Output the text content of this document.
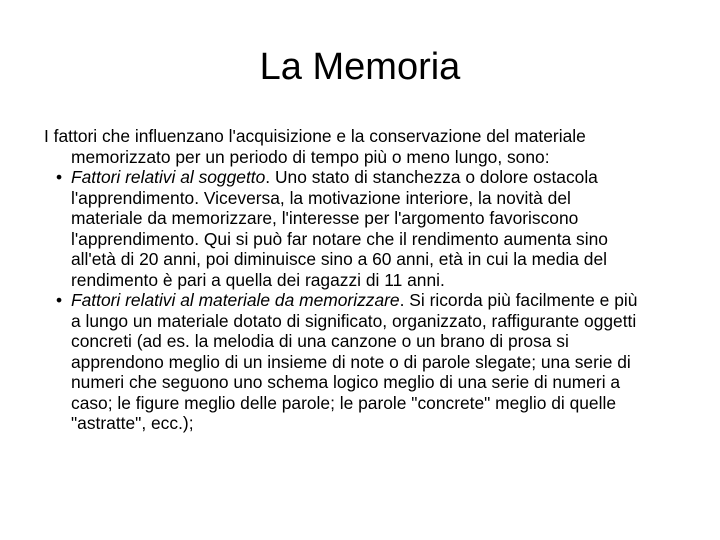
La Memoria

I fattori che influenzano l'acquisizione e la conservazione del materiale memorizzato per un periodo di tempo più o meno lungo, sono:

• Fattori relativi al soggetto. Uno stato di stanchezza o dolore ostacola l'apprendimento. Viceversa, la motivazione interiore, la novità del materiale da memorizzare, l'interesse per l'argomento favoriscono l'apprendimento. Qui si può far notare che il rendimento aumenta sino all'età di 20 anni, poi diminuisce sino a 60 anni, età in cui la media del rendimento è pari a quella dei ragazzi di 11 anni.
• Fattori relativi al materiale da memorizzare. Si ricorda più facilmente e più a lungo un materiale dotato di significato, organizzato, raffigurante oggetti concreti (ad es. la melodia di una canzone o un brano di prosa si apprendono meglio di un insieme di note o di parole slegate; una serie di numeri che seguono uno schema logico meglio di una serie di numeri a caso; le figure meglio delle parole; le parole "concrete" meglio di quelle "astratte", ecc.);
